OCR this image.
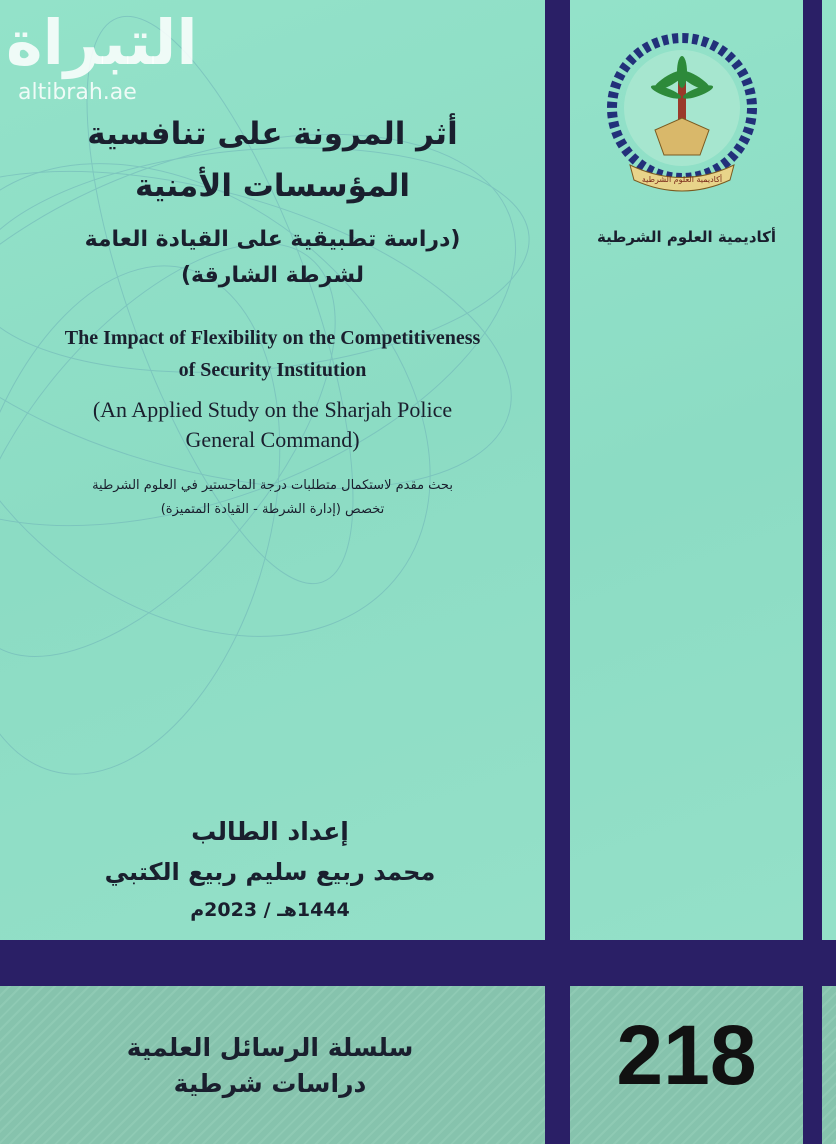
التبراة
altibrah.ae
أثر المرونة على تنافسية
المؤسسات الأمنية
(دراسة تطبيقية على القيادة العامة
لشرطة الشارقة)
The Impact of Flexibility on the Competitiveness
of Security Institution
(An Applied Study on the Sharjah Police
General Command)
بحث مقدم لاستكمال متطلبات درجة الماجستير في العلوم الشرطية
تخصص (إدارة الشرطة - القيادة المتميزة)
إعداد الطالب
محمد ربيع سليم ربيع الكتبي
1444هـ / 2023م
أكاديمية العلوم الشرطية
أكاديمية العلوم الشرطية
سلسلة الرسائل العلمية
دراسات شرطية	218
